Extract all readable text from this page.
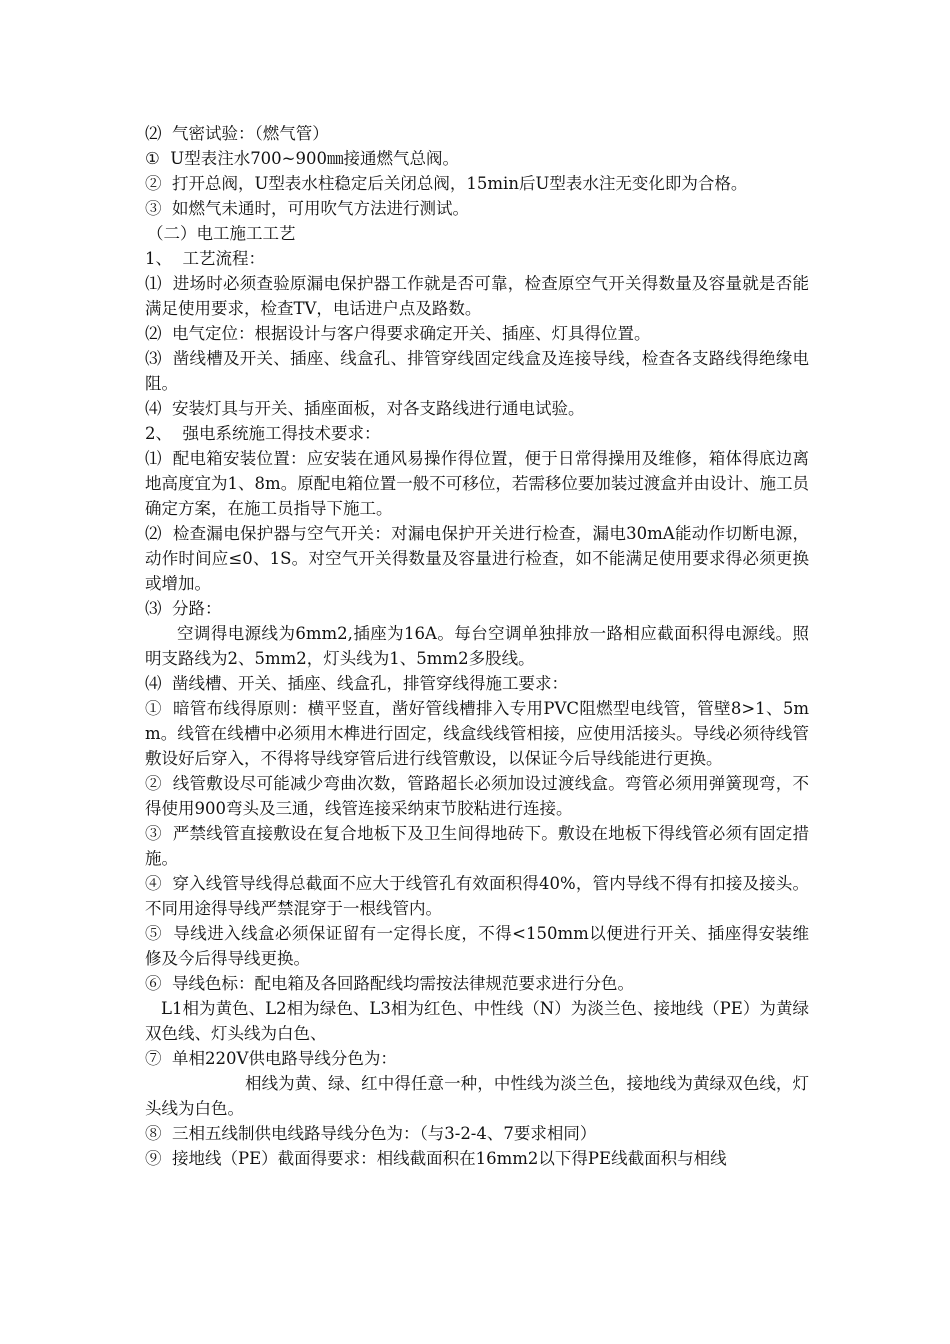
⑵  气密试验：（燃气管）

①  U型表注水700~900㎜接通燃气总阀。

②  打开总阀，U型表水柱稳定后关闭总阀，15min后U型表水注无变化即为合格。

③  如燃气未通时，可用吹气方法进行测试。

（二）电工施工工艺

1、  工艺流程：

⑴  进场时必须查验原漏电保护器工作就是否可靠，检查原空气开关得数量及容量就是否能满足使用要求，检查TV，电话进户点及路数。

⑵  电气定位：根据设计与客户得要求确定开关、插座、灯具得位置。

⑶  凿线槽及开关、插座、线盒孔、排管穿线固定线盒及连接导线，检查各支路线得绝缘电阻。

⑷  安装灯具与开关、插座面板，对各支路线进行通电试验。

2、  强电系统施工得技术要求：

⑴  配电箱安装位置：应安装在通风易操作得位置，便于日常得操用及维修，箱体得底边离地高度宜为1、8m。原配电箱位置一般不可移位，若需移位要加装过渡盒并由设计、施工员确定方案，在施工员指导下施工。

⑵  检查漏电保护器与空气开关：对漏电保护开关进行检查，漏电30mA能动作切断电源，动作时间应≤0、1S。对空气开关得数量及容量进行检查，如不能满足使用要求得必须更换或增加。

⑶  分路：

空调得电源线为6mm2,插座为16A。每台空调单独排放一路相应截面积得电源线。照明支路线为2、5mm2，灯头线为1、5mm2多股线。

⑷  凿线槽、开关、插座、线盒孔，排管穿线得施工要求：

①  暗管布线得原则：横平竖直，凿好管线槽排入专用PVC阻燃型电线管，管壁8>1、5mm。线管在线槽中必须用木榫进行固定，线盒线线管相接，应使用活接头。导线必须待线管敷设好后穿入，不得将导线穿管后进行线管敷设，以保证今后导线能进行更换。

②  线管敷设尽可能减少弯曲次数，管路超长必须加设过渡线盒。弯管必须用弹簧现弯，不得使用900弯头及三通，线管连接采纳束节胶粘进行连接。

③  严禁线管直接敷设在复合地板下及卫生间得地砖下。敷设在地板下得线管必须有固定措施。

④  穿入线管导线得总截面不应大于线管孔有效面积得40%，管内导线不得有扣接及接头。不同用途得导线严禁混穿于一根线管内。

⑤  导线进入线盒必须保证留有一定得长度，不得<150mm以便进行开关、插座得安装维修及今后得导线更换。

⑥  导线色标：配电箱及各回路配线均需按法律规范要求进行分色。

L1相为黄色、L2相为绿色、L3相为红色、中性线（N）为淡兰色、接地线（PE）为黄绿双色线、灯头线为白色、

⑦  单相220V供电路导线分色为：

相线为黄、绿、红中得任意一种，中性线为淡兰色，接地线为黄绿双色线，灯头线为白色。

⑧  三相五线制供电线路导线分色为：（与3-2-4、7要求相同）

⑨  接地线（PE）截面得要求：相线截面积在16mm2以下得PE线截面积与相线
